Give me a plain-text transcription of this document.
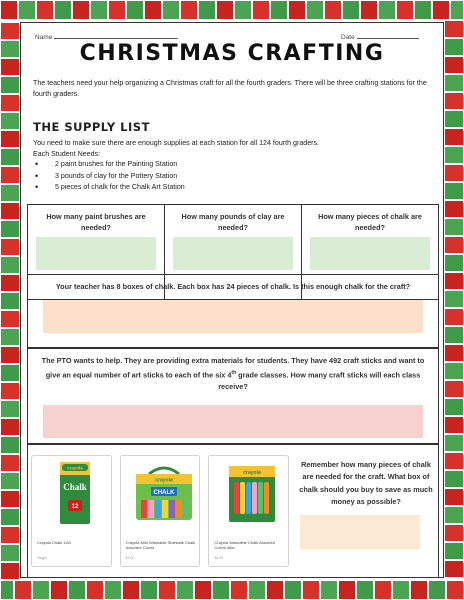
Name	Date
CHRISTMAS CRAFTING
The teachers need your help organizing a Christmas craft for all the fourth graders. There will be three crafting stations for the fourth graders.
THE SUPPLY LIST
You need to make sure there are enough supplies at each station for all 124 fourth graders.
Each Student Needs:
• 2 paint brushes for the Painting Station
• 3 pounds of clay for the Pottery Station
• 5 pieces of chalk for the Chalk Art Station
How many paint brushes are needed?
How many pounds of clay are needed?
How many pieces of chalk are needed?
Your teacher has 8 boxes of chalk. Each box has 24 pieces of chalk. Is this enough chalk for the craft?
The PTO wants to help. They are providing extra materials for students. They have 492 craft sticks and want to give an equal number of art sticks to each of the six 4th grade classes. How many craft sticks will each class receive?
crayola
Chalk
12
Crayola Chalk 12ct
Target
crayola
CHALK
Crayola Mini Washable Sidewalk Chalk Assorted Colors
$1.00
crayola
Crayola Washable Chalk Assorted Colors 48ct
$4.99
Remember how many pieces of chalk are needed for the craft. What box of chalk should you buy to save as much money as possible?
